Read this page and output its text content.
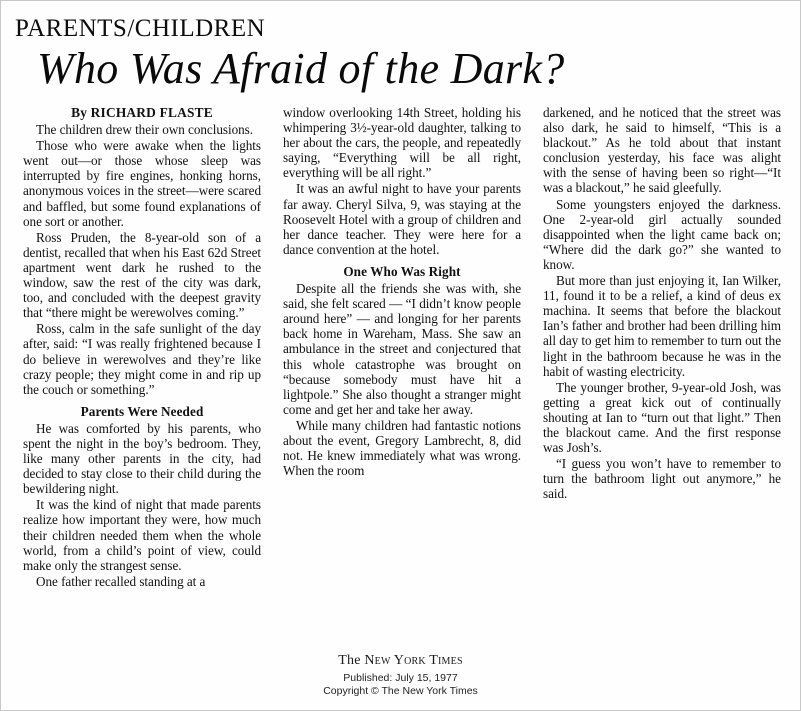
PARENTS/CHILDREN
Who Was Afraid of the Dark?
By RICHARD FLASTE

The children drew their own conclusions.

Those who were awake when the lights went out—or those whose sleep was interrupted by fire engines, honking horns, anonymous voices in the street—were scared and baffled, but some found explanations of one sort or another.

Ross Pruden, the 8-year-old son of a dentist, recalled that when his East 62d Street apartment went dark he rushed to the window, saw the rest of the city was dark, too, and concluded with the deepest gravity that “there might be werewolves coming.”

Ross, calm in the safe sunlight of the day after, said: “I was really frightened because I do believe in werewolves and they’re like crazy people; they might come in and rip up the couch or something.”

Parents Were Needed

He was comforted by his parents, who spent the night in the boy’s bedroom. They, like many other parents in the city, had decided to stay close to their child during the bewildering night.

It was the kind of night that made parents realize how important they were, how much their children needed them when the whole world, from a child’s point of view, could make only the strangest sense.

One father recalled standing at a

window overlooking 14th Street, holding his whimpering 3½-year-old daughter, talking to her about the cars, the people, and repeatedly saying, “Everything will be all right, everything will be all right.”

It was an awful night to have your parents far away. Cheryl Silva, 9, was staying at the Roosevelt Hotel with a group of children and her dance teacher. They were here for a dance convention at the hotel.

One Who Was Right

Despite all the friends she was with, she said, she felt scared — “I didn’t know people around here” — and longing for her parents back home in Wareham, Mass. She saw an ambulance in the street and conjectured that this whole catastrophe was brought on “because somebody must have hit a lightpole.” She also thought a stranger might come and get her and take her away.

While many children had fantastic notions about the event, Gregory Lambrecht, 8, did not. He knew immediately what was wrong. When the room

darkened, and he noticed that the street was also dark, he said to himself, “This is a blackout.” As he told about that instant conclusion yesterday, his face was alight with the sense of having been so right—“It was a blackout,” he said gleefully.

Some youngsters enjoyed the darkness. One 2-year-old girl actually sounded disappointed when the light came back on; “Where did the dark go?” she wanted to know.

But more than just enjoying it, Ian Wilker, 11, found it to be a relief, a kind of deus ex machina. It seems that before the blackout Ian’s father and brother had been drilling him all day to get him to remember to turn out the light in the bathroom because he was in the habit of wasting electricity.

The younger brother, 9-year-old Josh, was getting a great kick out of continually shouting at Ian to “turn out that light.” Then the blackout came. And the first response was Josh’s.

“I guess you won’t have to remember to turn the bathroom light out anymore,” he said.

The New York Times
Published: July 15, 1977
Copyright © The New York Times
